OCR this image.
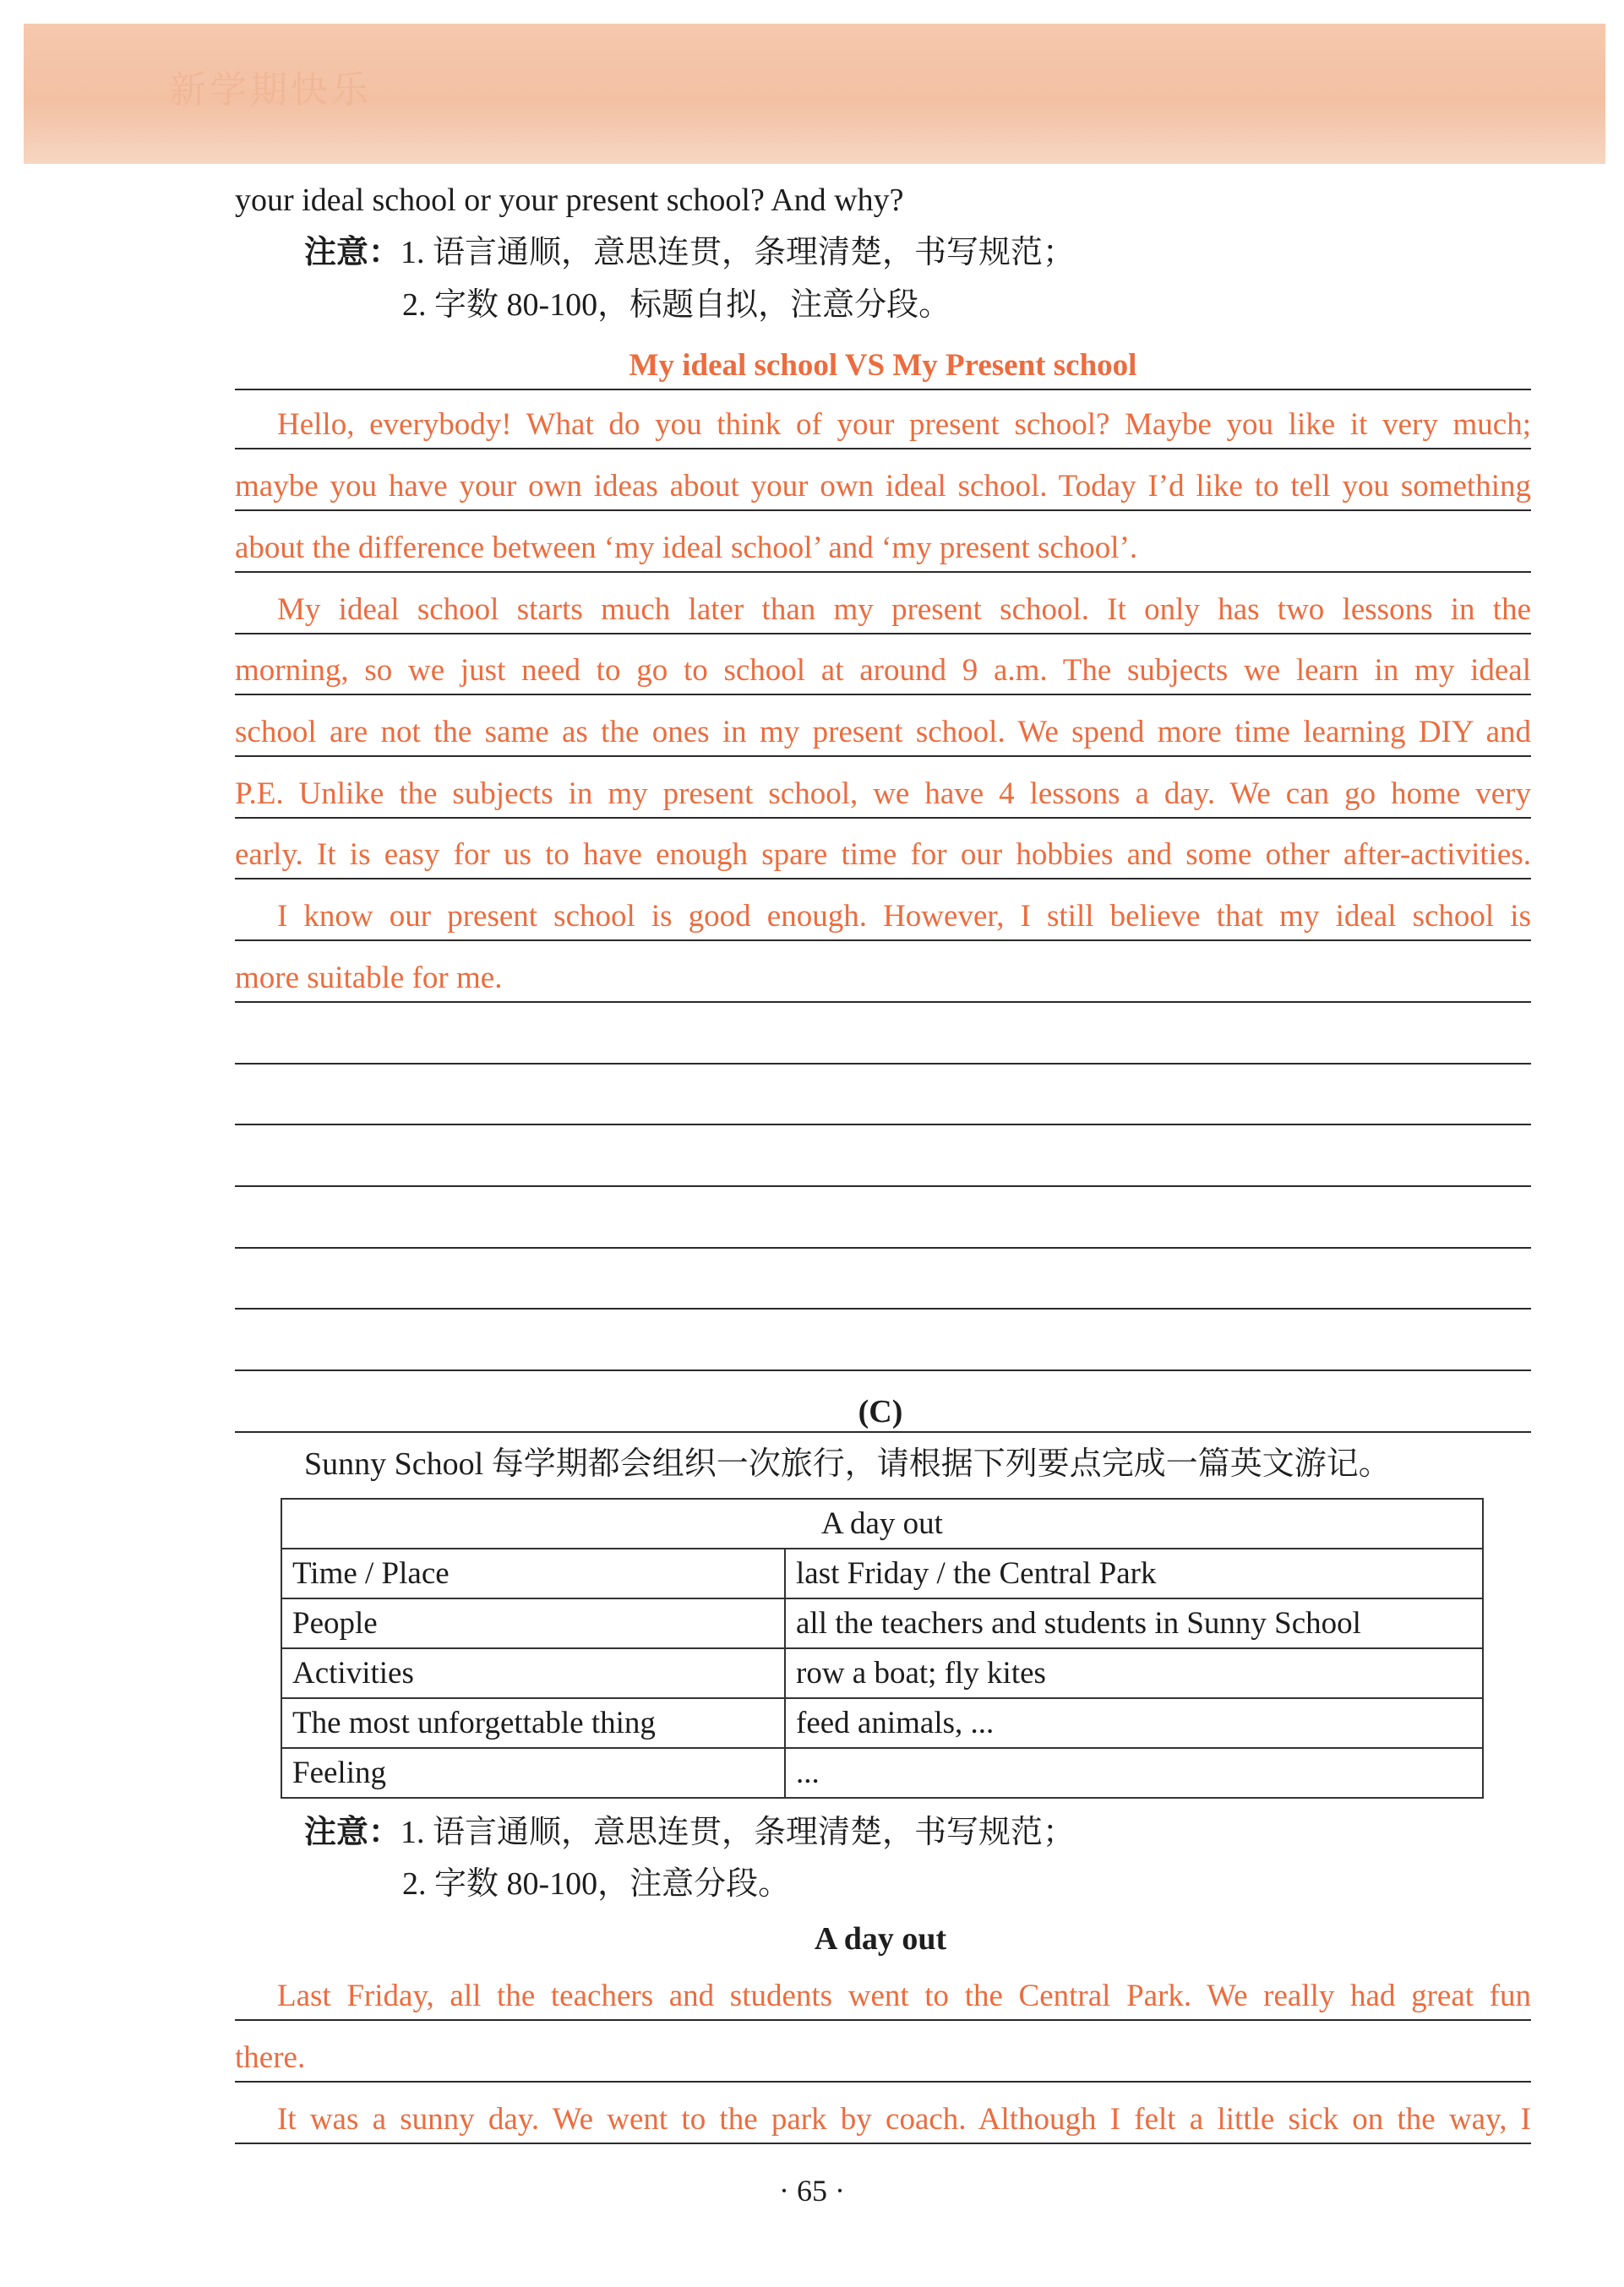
新学期快乐
your ideal school or your present school? And why?
注意：1. 语言通顺，意思连贯，条理清楚，书写规范；
2. 字数 80-100，标题自拟，注意分段。
My ideal school VS My Present school
Hello, everybody! What do you think of your present school? Maybe you like it very much;
maybe you have your own ideas about your own ideal school. Today I’d like to tell you something
about the difference between ‘my ideal school’ and ‘my present school’.
My ideal school starts much later than my present school. It only has two lessons in the
morning, so we just need to go to school at around 9 a.m. The subjects we learn in my ideal
school are not the same as the ones in my present school. We spend more time learning DIY and
P.E. Unlike the subjects in my present school, we have 4 lessons a day. We can go home very
early. It is easy for us to have enough spare time for our hobbies and some other after-activities.
I know our present school is good enough. However, I still believe that my ideal school is
more suitable for me.
(C)
Sunny School 每学期都会组织一次旅行，请根据下列要点完成一篇英文游记。
A day out	
Time / Place	last Friday / the Central Park
People	all the teachers and students in Sunny School
Activities	row a boat; fly kites
The most unforgettable thing	feed animals, ...
Feeling	...
注意：1. 语言通顺，意思连贯，条理清楚，书写规范；
2. 字数 80-100，注意分段。
A day out
Last Friday, all the teachers and students went to the Central Park. We really had great fun
there.
It was a sunny day. We went to the park by coach. Although I felt a little sick on the way, I
· 65 ·
